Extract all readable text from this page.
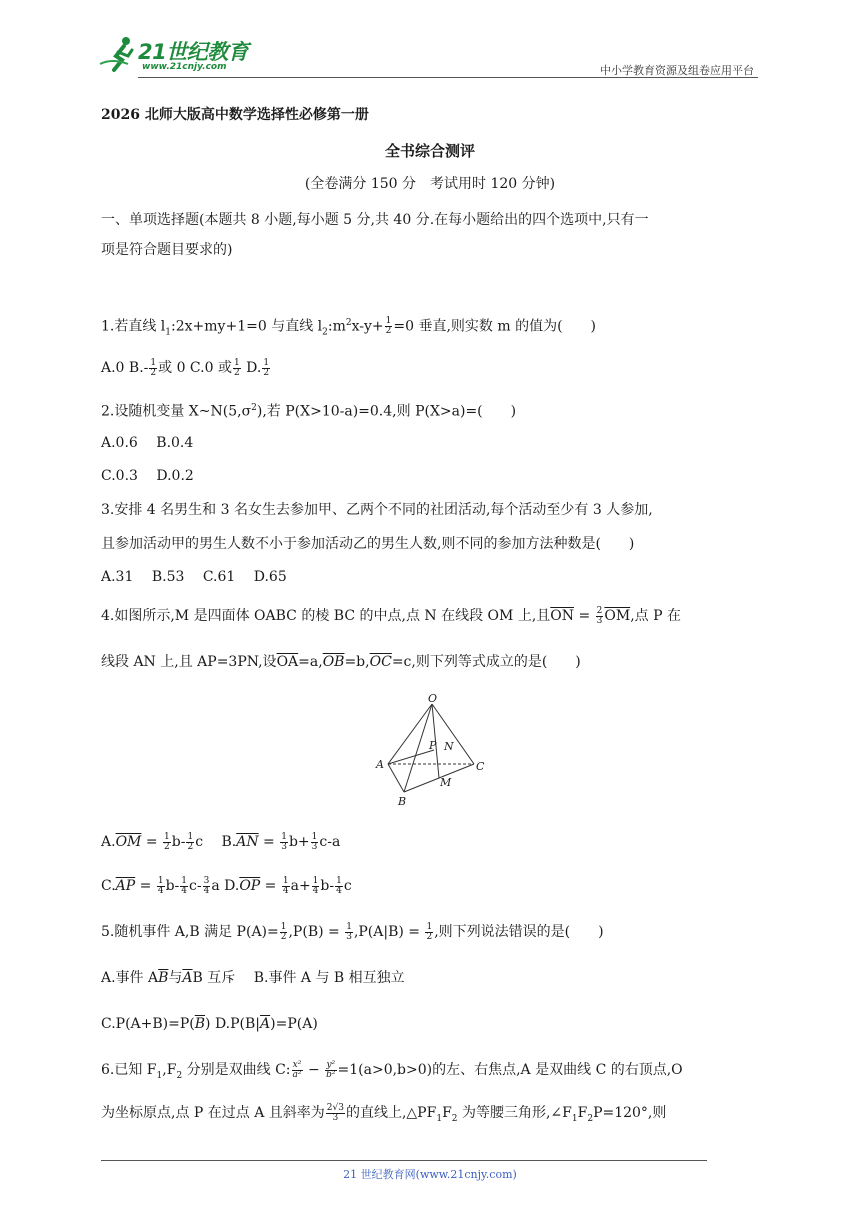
21世纪教育
www.21cnjy.com	中小学教育资源及组卷应用平台
2026 北师大版高中数学选择性必修第一册
全书综合测评
(全卷满分 150 分　考试用时 120 分钟)
一、单项选择题(本题共 8 小题,每小题 5 分,共 40 分.在每小题给出的四个选项中,只有一
项是符合题目要求的)
1.若直线 $l_1:2x+my+1=0$ 与直线 $l_2:m^2x-y+ \frac{1}{2} =0$ 垂直,则实数 m 的值为(　　)
A.0 $B.- \frac{1}{2}$ 或 0 C.0 或 $\frac{1}{2} D$. $\frac{1}{2}$
2.设随机变量 $X\sim N(5,\sigma^2)$,若 P(X>10-a)=0.4,则 P(X>a)=(　　)
A.0.6　 B.0.4
C.0.3　 D.0.2
3.安排 4 名男生和 3 名女生去参加甲、乙两个不同的社团活动,每个活动至少有 3 人参加,
且参加活动甲的男生人数不小于参加活动乙的男生人数,则不同的参加方法种数是(　　)
A.31　 B.53　 C.61　 D.65
4.如图所示,M 是四面体 OABC 的棱 BC 的中点,点 N 在线段 OM 上,且$\overline{ON} = \frac{2}{3} \overline{OM}$,点 P 在
线段 AN 上,且 AP=3PN,设$\overline{OA}=a,\overline{OB}=b,\overline{OC}=c$,则下列等式成立的是(　　)
O
A
B
C
M
N
P
$A.\overline{OM} = \frac{1}{2} b- \frac{1}{2}$ c　 $B.\overline{AN} = \frac{1}{3} b+ \frac{1}{3} c-a$
$C.\overline{AP} = \frac{1}{4} b- \frac{1}{4} c- \frac{3}{4}$ a $D.\overline{OP} = \frac{1}{4} a+ \frac{1}{4} b- \frac{1}{4}$ c
5.随机事件 A,B 满足 $P(A)= \frac{1}{2} ,P(B) = \frac{1}{3} ,P(A|B) = \frac{1}{2}$ ,则下列说法错误的是(　　)
A.事件 $A\overline{B}$与$\overline{A}B$ 互斥　 B.事件 A 与 B 相互独立
$C.P(A+B)=P(\overline{B})$ $D.P(B|\overline{A})=P(A)$
6.已知 $F_1,F_2$ 分别是双曲线 C: $\frac{\text{x²}}{\text{a²}} - \frac{\text{y²}}{\text{b²}} =1(a>0,b>0)$的左、右焦点,A 是双曲线 C 的右顶点,O
为坐标原点,点 P 在过点 A 且斜率为 $\frac{2√3}{3}$ 的直线上$,\triangle PF_1F_2$ 为等腰三角形$,\angle F_1F_2P=120^\circ$,则
21 世纪教育网(www.21cnjy.com)
